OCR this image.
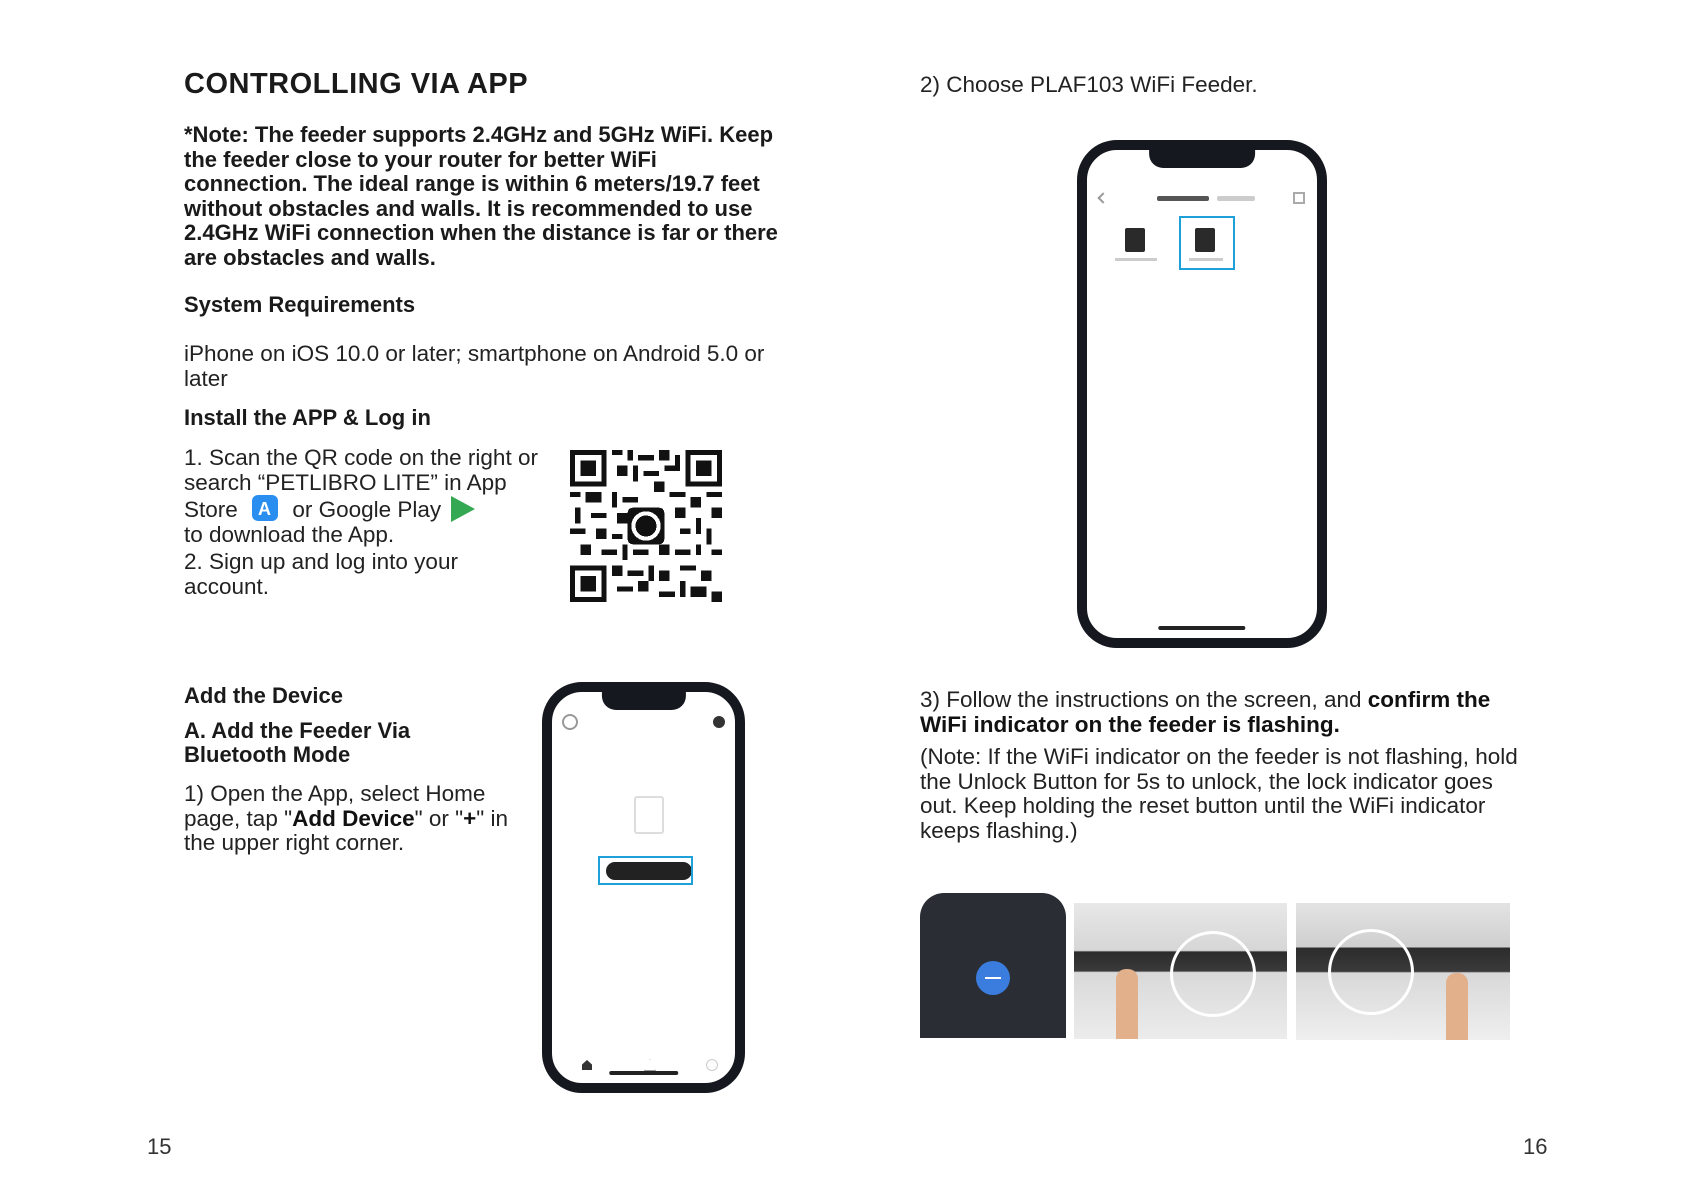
CONTROLLING VIA APP
*Note: The feeder supports 2.4GHz and 5GHz WiFi. Keep the feeder close to your router for better WiFi connection. The ideal range is within 6 meters/19.7 feet without obstacles and walls. It is recommended to use 2.4GHz WiFi connection when the distance is far or there are obstacles and walls.
System Requirements
iPhone on iOS 10.0 or later; smartphone on Android 5.0 or later
Install the APP & Log in
1. Scan the QR code on the right or search “PETLIBRO LITE” in App Store A or Google Play
to download the App.
2. Sign up and log into your account.
Add the Device
A. Add the Feeder Via Bluetooth Mode
1) Open the App, select Home page, tap "Add Device" or "+" in the upper right corner.
15
2) Choose PLAF103 WiFi Feeder.
3) Follow the instructions on the screen, and confirm the WiFi indicator on the feeder is flashing.
(Note: If the WiFi indicator on the feeder is not flashing, hold the Unlock Button for 5s to unlock, the lock indicator goes out. Keep holding the reset button until the WiFi indicator keeps flashing.)
16
